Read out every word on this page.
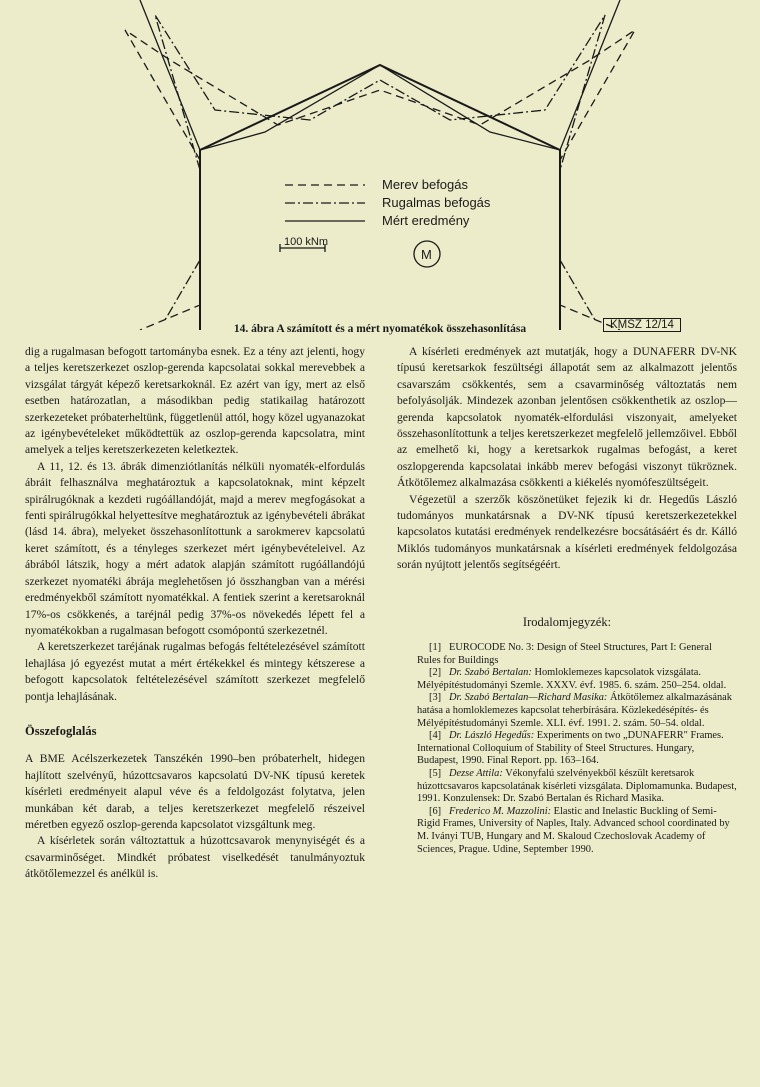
Merev befogás
Rugalmas befogás
Mért eredmény
100 kNm
M
14. ábra A számított és a mért nyomatékok összehasonlítása	KMSZ 12/14

dig a rugalmasan befogott tartományba esnek. Ez a tény azt jelenti, hogy a teljes keretszerkezet oszlop-gerenda kapcsolatai sokkal merevebbek a vizsgálat tárgyát képező keretsarkoknál. Ez azért van így, mert az első esetben határozatlan, a másodikban pedig statikailag határozott szerkezeteket próbaterheltünk, függetlenül attól, hogy közel ugyanazokat az igénybevételeket működtettük az oszlop-gerenda kapcsolatra, mint amelyek a teljes keretszerkezeten keletkeztek.

A 11, 12. és 13. ábrák dimenziótlanítás nélküli nyomaték-elfordulás ábráit felhasználva meghatároztuk a kapcsolatoknak, mint képzelt spirálrugóknak a kezdeti rugóállandóját, majd a merev megfogásokat a fenti spirálrugókkal helyettesítve meghatároztuk az igénybevételi ábrákat (lásd 14. ábra), melyeket összehasonlítottunk a sarokmerev kapcsolatú keret számított, és a tényleges szerkezet mért igénybevételeivel. Az ábrából látszik, hogy a mért adatok alapján számított rugóállandójú szerkezet nyomatéki ábrája meglehetősen jó összhangban van a mérési eredményekből számított nyomatékkal. A fentiek szerint a keretsaroknál 17%-os csökkenés, a taréjnál pedig 37%-os növekedés lépett fel a nyomatékokban a rugalmasan befogott csomópontú szerkezetnél.

A keretszerkezet taréjának rugalmas befogás feltételezésével számított lehajlása jó egyezést mutat a mért értékekkel és mintegy kétszerese a befogott kapcsolatok feltételezésével számított szerkezet megfelelő pontja lehajlásának.

Összefoglalás

A BME Acélszerkezetek Tanszékén 1990–ben próbaterhelt, hidegen hajlított szelvényű, húzottcsavaros kapcsolatú DV-NK típusú keretek kísérleti eredményeit alapul véve és a feldolgozást folytatva, jelen munkában két darab, a teljes keretszerkezet megfelelő részeivel méretben egyező oszlop-gerenda kapcsolatot vizsgáltunk meg.

A kísérletek során változtattuk a húzottcsavarok menynyiségét és a csavarminőséget. Mindkét próbatest viselkedését tanulmányoztuk átkötőlemezzel és anélkül is.

A kísérleti eredmények azt mutatják, hogy a DUNAFERR DV-NK típusú keretsarkok feszültségi állapotát sem az alkalmazott jelentős csavarszám csökkentés, sem a csavarminőség változtatás nem befolyásolják. Mindezek azonban jelentősen csökkenthetik az oszlop—gerenda kapcsolatok nyomaték-elfordulási viszonyait, amelyeket összehasonlítottunk a teljes keretszerkezet megfelelő jellemzőivel. Ebből az emelhető ki, hogy a keretsarkok rugalmas befogást, a keret oszlopgerenda kapcsolatai inkább merev befogási viszonyt tükröznek. Átkötőlemez alkalmazása csökkenti a kiékelés nyomófeszültségeit.

Végezetül a szerzők köszönetüket fejezik ki dr. Hegedűs László tudományos munkatársnak a DV-NK típusú keretszerkezetekkel kapcsolatos kutatási eredmények rendelkezésre bocsátásáért és dr. Kálló Miklós tudományos munkatársnak a kísérleti eredmények feldolgozása során nyújtott jelentős segítségéért.

Irodalomjegyzék:

[1] EUROCODE No. 3: Design of Steel Structures, Part I: General Rules for Buildings

[2] Dr. Szabó Bertalan: Homloklemezes kapcsolatok vizsgálata. Mélyépítéstudományi Szemle. XXXV. évf. 1985. 6. szám. 250–254. oldal.

[3] Dr. Szabó Bertalan—Richard Masika: Átkötőlemez alkalmazásának hatása a homloklemezes kapcsolat teherbírására. Közlekedésépítés- és Mélyépítéstudományi Szemle. XLI. évf. 1991. 2. szám. 50–54. oldal.

[4] Dr. László Hegedűs: Experiments on two „DUNAFERR" Frames. International Colloquium of Stability of Steel Structures. Hungary, Budapest, 1990. Final Report. pp. 163–164.

[5] Dezse Attila: Vékonyfalú szelvényekből készült keretsarok húzottcsavaros kapcsolatának kísérleti vizsgálata. Diplomamunka. Budapest, 1991. Konzulensek: Dr. Szabó Bertalan és Richard Masika.

[6] Frederico M. Mazzolini: Elastic and Inelastic Buckling of Semi-Rigid Frames, University of Naples, Italy. Advanced school coordinated by M. Iványi TUB, Hungary and M. Skaloud Czechoslovak Academy of Sciences, Prague. Udine, September 1990.
